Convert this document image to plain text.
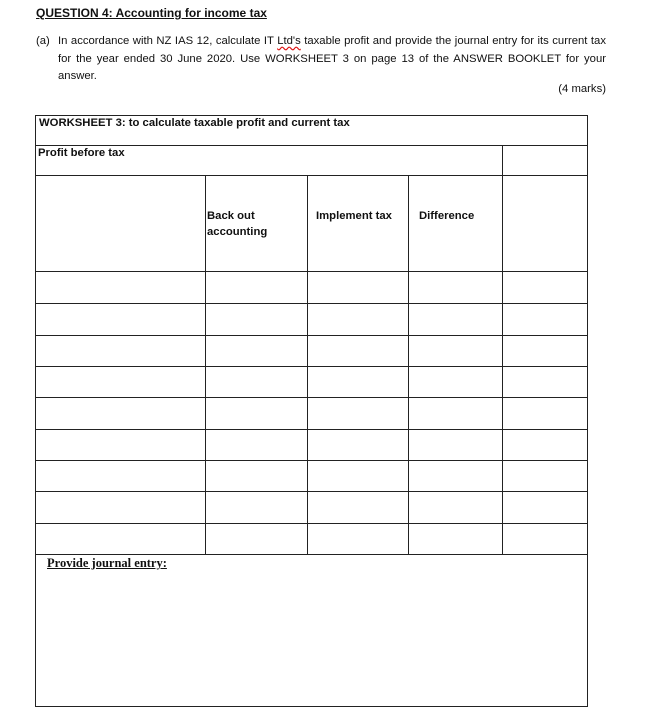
QUESTION 4: Accounting for income tax
(a) In accordance with NZ IAS 12, calculate IT Ltd's taxable profit and provide the journal entry for its current tax for the year ended 30 June 2020. Use WORKSHEET 3 on page 13 of the ANSWER BOOKLET for your answer.
(4 marks)
WORKSHEET 3: to calculate taxable profit and current tax
Profit before tax
Back out accounting
Implement tax	Difference
Provide journal entry:
